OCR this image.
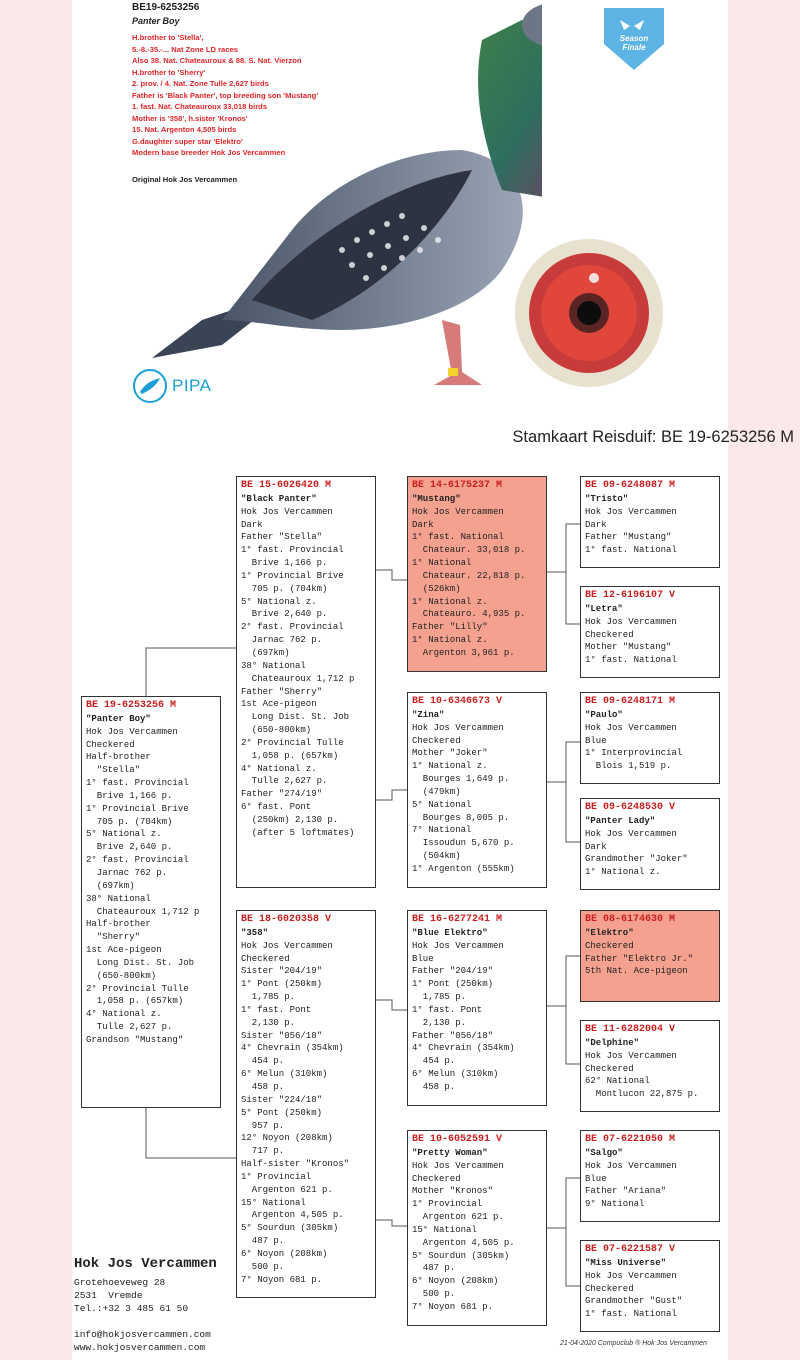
BE19-6253256
Panter Boy
H.brother to 'Stella',
5.-8.-35.-... Nat Zone LD races
Also 38. Nat. Chateauroux & 88. S. Nat. Vierzon
H.brother to 'Sherry'
2. prov. / 4. Nat. Zone Tulle 2,627 birds
Father is 'Black Panter', top breeding son 'Mustang'
1. fast. Nat. Chateauroux 33,018 birds
Mother is '358', h.sister 'Kronos'
15. Nat. Argenton 4,505 birds
G.daughter super star 'Elektro'
Modern base breeder Hok Jos Vercammen
Original Hok Jos Vercammen
Season
Finale
PIPA
Stamkaart Reisduif: BE 19-6253256 M
BE 19-6253256 M
"Panter Boy"
Hok Jos Vercammen
Checkered
Half-brother
"Stella"
1° fast. Provincial
Brive 1,166 p.
1° Provincial Brive
705 p. (704km)
5° National z.
Brive 2,640 p.
2° fast. Provincial
Jarnac 762 p.
(697km)
38° National
Chateauroux 1,712 p
Half-brother
"Sherry"
1st Ace-pigeon
Long Dist. St. Job
(650-800km)
2° Provincial Tulle
1,058 p. (657km)
4° National z.
Tulle 2,627 p.
Grandson "Mustang"
BE 15-6026420 M
"Black Panter"
Hok Jos Vercammen
Dark
Father "Stella"
1° fast. Provincial
Brive 1,166 p.
1° Provincial Brive
705 p. (704km)
5° National z.
Brive 2,640 p.
2° fast. Provincial
Jarnac 762 p.
(697km)
38° National
Chateauroux 1,712 p
Father "Sherry"
1st Ace-pigeon
Long Dist. St. Job
(650-800km)
2° Provincial Tulle
1,058 p. (657km)
4° National z.
Tulle 2,627 p.
Father "274/19"
6° fast. Pont
(250km) 2,130 p.
(after 5 loftmates)
BE 18-6020358 V
"358"
Hok Jos Vercammen
Checkered
Sister "204/19"
1° Pont (250km)
1,785 p.
1° fast. Pont
2,130 p.
Sister "056/18"
4° Chevrain (354km)
454 p.
6° Melun (310km)
458 p.
Sister "224/18"
5° Pont (250km)
957 p.
12° Noyon (208km)
717 p.
Half-sister "Kronos"
1° Provincial
Argenton 621 p.
15° National
Argenton 4,505 p.
5° Sourdun (305km)
487 p.
6° Noyon (208km)
500 p.
7° Noyon 681 p.
BE 14-6175237 M
"Mustang"
Hok Jos Vercammen
Dark
1° fast. National
Chateaur. 33,018 p.
1° National
Chateaur. 22,818 p.
(526km)
1° National z.
Chateauro. 4,935 p.
Father "Lilly"
1° National z.
Argenton 3,961 p.
BE 10-6346673 V
"Zina"
Hok Jos Vercammen
Checkered
Mother "Joker"
1° National z.
Bourges 1,649 p.
(479km)
5° National
Bourges 8,005 p.
7° National
Issoudun 5,670 p.
(504km)
1° Argenton (555km)
BE 16-6277241 M
"Blue Elektro"
Hok Jos Vercammen
Blue
Father "204/19"
1° Pont (250km)
1,785 p.
1° fast. Pont
2,130 p.
Father "056/18"
4° Chevrain (354km)
454 p.
6° Melun (310km)
458 p.
BE 10-6052591 V
"Pretty Woman"
Hok Jos Vercammen
Checkered
Mother "Kronos"
1° Provincial
Argenton 621 p.
15° National
Argenton 4,505 p.
5° Sourdun (305km)
487 p.
6° Noyon (208km)
500 p.
7° Noyon 681 p.
BE 09-6248087 M
"Tristo"
Hok Jos Vercammen
Dark
Father "Mustang"
1° fast. National
BE 12-6196107 V
"Letra"
Hok Jos Vercammen
Checkered
Mother "Mustang"
1° fast. National
BE 09-6248171 M
"Paulo"
Hok Jos Vercammen
Blue
1° Interprovincial
Blois 1,519 p.
BE 09-6248530 V
"Panter Lady"
Hok Jos Vercammen
Dark
Grandmother "Joker"
1° National z.
BE 08-6174630 M
"Elektro"
Checkered
Father "Elektro Jr."
5th Nat. Ace-pigeon
BE 11-6282004 V
"Delphine"
Hok Jos Vercammen
Checkered
62° National
Montlucon 22,875 p.
BE 07-6221050 M
"Salgo"
Hok Jos Vercammen
Blue
Father "Ariana"
9° National
BE 07-6221587 V
"Miss Universe"
Hok Jos Vercammen
Checkered
Grandmother "Gust"
1° fast. National
Hok Jos Vercammen
Grotehoeveweg 28
2531  Vremde
Tel.:+32 3 485 61 50
info@hokjosvercammen.com
www.hokjosvercammen.com	21-04-2020 Compuclub ® Hok Jos Vercammen
